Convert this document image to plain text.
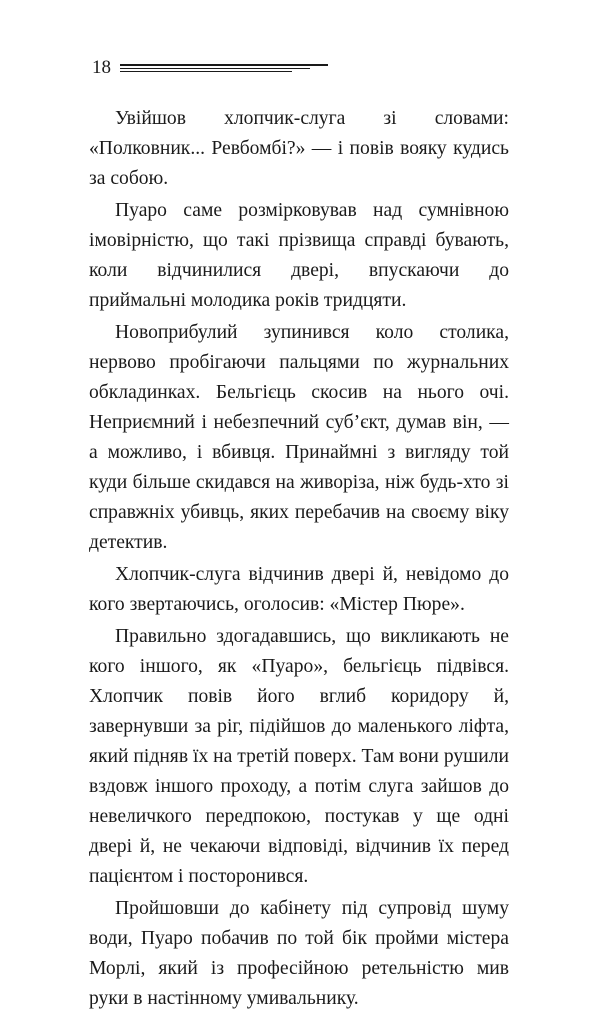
18

Увійшов хлопчик-слуга зі словами: «Полковник... Ревбомбі?» — і повів вояку кудись за собою.

Пуаро саме розмірковував над сумнівною імовірністю, що такі прізвища справді бувають, коли відчинилися двері, впускаючи до приймальні молодика років тридцяти.

Новоприбулий зупинився коло столика, нервово пробігаючи пальцями по журнальних обкладинках. Бельгієць скосив на нього очі. Неприємний і небезпечний суб’єкт, думав він, — а можливо, і вбивця. Принаймні з вигляду той куди більше скидався на живоріза, ніж будь-хто зі справжніх убивць, яких перебачив на своєму віку детектив.

Хлопчик-слуга відчинив двері й, невідомо до кого звертаючись, оголосив: «Містер Пюре».

Правильно здогадавшись, що викликають не кого іншого, як «Пуаро», бельгієць підвівся. Хлопчик повів його вглиб коридору й, завернувши за ріг, підійшов до маленького ліфта, який підняв їх на третій поверх. Там вони рушили вздовж іншого проходу, а потім слуга зайшов до невеличкого передпокою, постукав у ще одні двері й, не чекаючи відповіді, відчинив їх перед пацієнтом і посторонився.

Пройшовши до кабінету під супровід шуму води, Пуаро побачив по той бік пройми містера Морлі, який із професійною ретельністю мив руки в настінному умивальнику.
